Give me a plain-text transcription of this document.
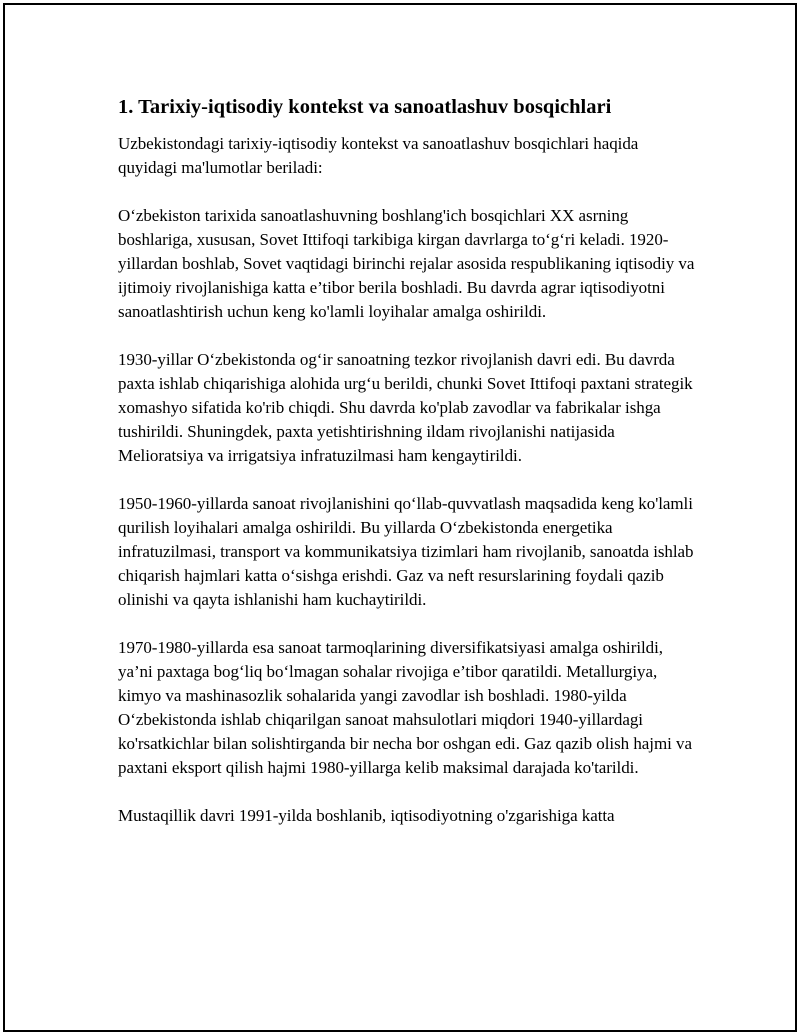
1. Tarixiy-iqtisodiy kontekst va sanoatlashuv bosqichlari

Uzbekistondagi tarixiy-iqtisodiy kontekst va sanoatlashuv bosqichlari haqida quyidagi ma'lumotlar beriladi:

O‘zbekiston tarixida sanoatlashuvning boshlang'ich bosqichlari XX asrning boshlariga, xususan, Sovet Ittifoqi tarkibiga kirgan davrlarga to‘g‘ri keladi. 1920-yillardan boshlab, Sovet vaqtidagi birinchi rejalar asosida respublikaning iqtisodiy va ijtimoiy rivojlanishiga katta e’tibor berila boshladi. Bu davrda agrar iqtisodiyotni sanoatlashtirish uchun keng ko'lamli loyihalar amalga oshirildi.

1930-yillar O‘zbekistonda og‘ir sanoatning tezkor rivojlanish davri edi. Bu davrda paxta ishlab chiqarishiga alohida urg‘u berildi, chunki Sovet Ittifoqi paxtani strategik xomashyo sifatida ko'rib chiqdi. Shu davrda ko'plab zavodlar va fabrikalar ishga tushirildi. Shuningdek, paxta yetishtirishning ildam rivojlanishi natijasida Melioratsiya va irrigatsiya infratuzilmasi ham kengaytirildi.

1950-1960-yillarda sanoat rivojlanishini qo‘llab-quvvatlash maqsadida keng ko'lamli qurilish loyihalari amalga oshirildi. Bu yillarda O‘zbekistonda energetika infratuzilmasi, transport va kommunikatsiya tizimlari ham rivojlanib, sanoatda ishlab chiqarish hajmlari katta o‘sishga erishdi. Gaz va neft resurslarining foydali qazib olinishi va qayta ishlanishi ham kuchaytirildi.

1970-1980-yillarda esa sanoat tarmoqlarining diversifikatsiyasi amalga oshirildi, ya’ni paxtaga bog‘liq bo‘lmagan sohalar rivojiga e’tibor qaratildi. Metallurgiya, kimyo va mashinasozlik sohalarida yangi zavodlar ish boshladi. 1980-yilda O‘zbekistonda ishlab chiqarilgan sanoat mahsulotlari miqdori 1940-yillardagi ko'rsatkichlar bilan solishtirganda bir necha bor oshgan edi. Gaz qazib olish hajmi va paxtani eksport qilish hajmi 1980-yillarga kelib maksimal darajada ko'tarildi.

Mustaqillik davri 1991-yilda boshlanib, iqtisodiyotning o'zgarishiga katta
